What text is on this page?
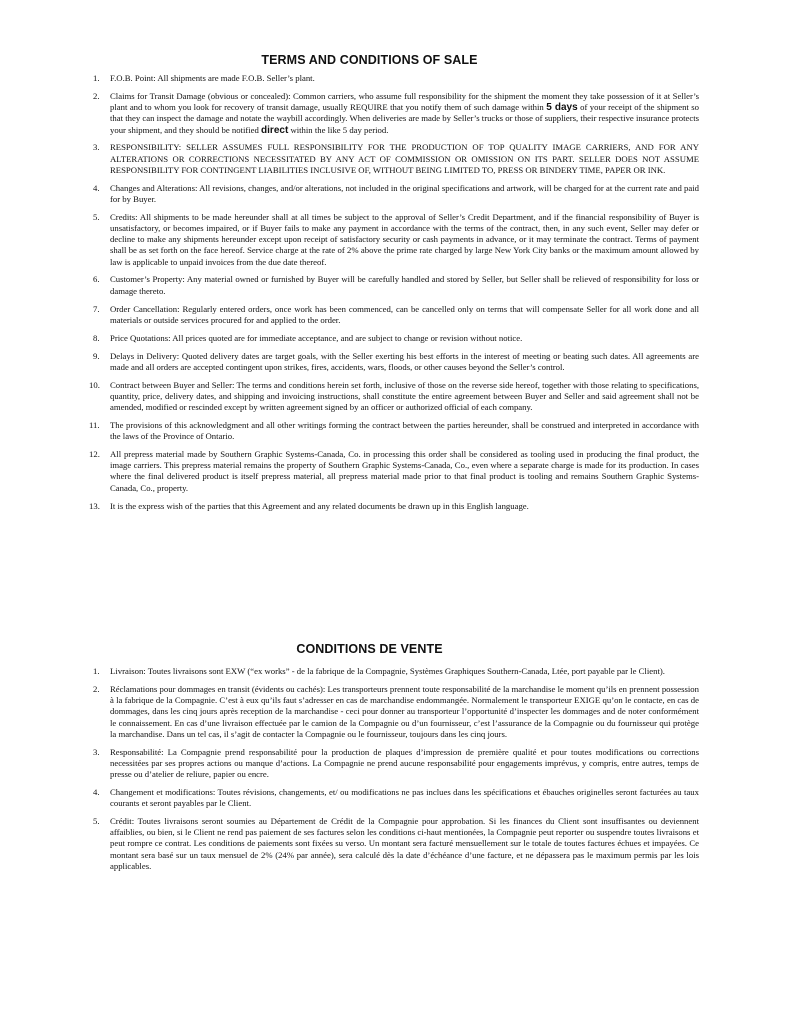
TERMS AND CONDITIONS OF SALE
1. F.O.B. Point: All shipments are made F.O.B. Seller’s plant.
2. Claims for Transit Damage (obvious or concealed): Common carriers, who assume full responsibility for the shipment the moment they take possession of it at Seller’s plant and to whom you look for recovery of transit damage, usually REQUIRE that you notify them of such damage within 5 days of your receipt of the shipment so that they can inspect the damage and notate the waybill accordingly. When deliveries are made by Seller’s trucks or those of suppliers, their respective insurance protects your shipment, and they should be notified direct within the like 5 day period.
3. RESPONSIBILITY: SELLER ASSUMES FULL RESPONSIBILITY FOR THE PRODUCTION OF TOP QUALITY IMAGE CARRIERS, AND FOR ANY ALTERATIONS OR CORRECTIONS NECESSITATED BY ANY ACT OF COMMISSION OR OMISSION ON ITS PART. SELLER DOES NOT ASSUME RESPONSIBILITY FOR CONTINGENT LIABILITIES INCLUSIVE OF, WITHOUT BEING LIMITED TO, PRESS OR BINDERY TIME, PAPER OR INK.
4. Changes and Alterations: All revisions, changes, and/or alterations, not included in the original specifications and artwork, will be charged for at the current rate and paid for by Buyer.
5. Credits: All shipments to be made hereunder shall at all times be subject to the approval of Seller’s Credit Department, and if the financial responsibility of Buyer is unsatisfactory, or becomes impaired, or if Buyer fails to make any payment in accordance with the terms of the contract, then, in any such event, Seller may defer or decline to make any shipments hereunder except upon receipt of satisfactory security or cash payments in advance, or it may terminate the contract. Terms of payment shall be as set forth on the face hereof. Service charge at the rate of 2% above the prime rate charged by large New York City banks or the maximum amount allowed by law is applicable to unpaid invoices from the due date thereof.
6. Customer’s Property: Any material owned or furnished by Buyer will be carefully handled and stored by Seller, but Seller shall be relieved of responsibility for loss or damage thereto.
7. Order Cancellation: Regularly entered orders, once work has been commenced, can be cancelled only on terms that will compensate Seller for all work done and all materials or outside services procured for and applied to the order.
8. Price Quotations: All prices quoted are for immediate acceptance, and are subject to change or revision without notice.
9. Delays in Delivery: Quoted delivery dates are target goals, with the Seller exerting his best efforts in the interest of meeting or beating such dates. All agreements are made and all orders are accepted contingent upon strikes, fires, accidents, wars, floods, or other causes beyond the Seller’s control.
10. Contract between Buyer and Seller: The terms and conditions herein set forth, inclusive of those on the reverse side hereof, together with those relating to specifications, quantity, price, delivery dates, and shipping and invoicing instructions, shall constitute the entire agreement between Buyer and Seller and said agreement shall not be amended, modified or rescinded except by written agreement signed by an officer or authorized official of each company.
11. The provisions of this acknowledgment and all other writings forming the contract between the parties hereunder, shall be construed and interpreted in accordance with the laws of the Province of Ontario.
12. All prepress material made by Southern Graphic Systems-Canada, Co. in processing this order shall be considered as tooling used in producing the final product, the image carriers. This prepress material remains the property of Southern Graphic Systems-Canada, Co., even where a separate charge is made for its production. In cases where the final delivered product is itself prepress material, all prepress material made prior to that final product is tooling and remains Southern Graphic Systems-Canada, Co., property.
13. It is the express wish of the parties that this Agreement and any related documents be drawn up in this English language.
CONDITIONS DE VENTE
1. Livraison: Toutes livraisons sont EXW (“ex works” - de la fabrique de la Compagnie, Systèmes Graphiques Southern-Canada, Ltée, port payable par le Client).
2. Réclamations pour dommages en transit (évidents ou cachés): Les transporteurs prennent toute responsabilité de la marchandise le moment qu’ils en prennent possession à la fabrique de la Compagnie. C’est à eux qu’ils faut s’adresser en cas de marchandise endommangée. Normalement le transporteur EXIGE qu’on le contacte, en cas de dommages, dans les cinq jours après reception de la marchandise - ceci pour donner au transporteur l’opportunité d’inspecter les dommages and de noter conformément le connaissement. En cas d’une livraison effectuée par le camion de la Compagnie ou d’un fournisseur, c’est l’assurance de la Compagnie ou du fournisseur qui protège la marchandise. Dans un tel cas, il s’agit de contacter la Compagnie ou le fournisseur, toujours dans les cinq jours.
3. Responsabilité: La Compagnie prend responsabilité pour la production de plaques d’impression de première qualité et pour toutes modifications ou corrections necessitées par ses propres actions ou manque d’actions. La Compagnie ne prend aucune responsabilité pour engagements imprévus, y compris, entre autres, temps de presse ou d’atelier de reliure, papier ou encre.
4. Changement et modifications: Toutes révisions, changements, et/ ou modifications ne pas inclues dans les spécifications et ébauches originelles seront facturées au taux courants et seront payables par le Client.
5. Crédit: Toutes livraisons seront soumies au Département de Crédit de la Compagnie pour approbation. Si les finances du Client sont insuffisantes ou deviennent affaiblies, ou bien, si le Client ne rend pas paiement de ses factures selon les conditions ci-haut mentionées, la Compagnie peut reporter ou suspendre toutes livraisons et peut rompre ce contrat. Les conditions de paiements sont fixées su verso. Un montant sera facturé mensuellement sur le totale de toutes factures échues et impayées. Ce montant sera basé sur un taux mensuel de 2% (24% par année), sera calculé dès la date d’échéance d’une facture, et ne dépassera pas le maximum permis par les lois applicables.
